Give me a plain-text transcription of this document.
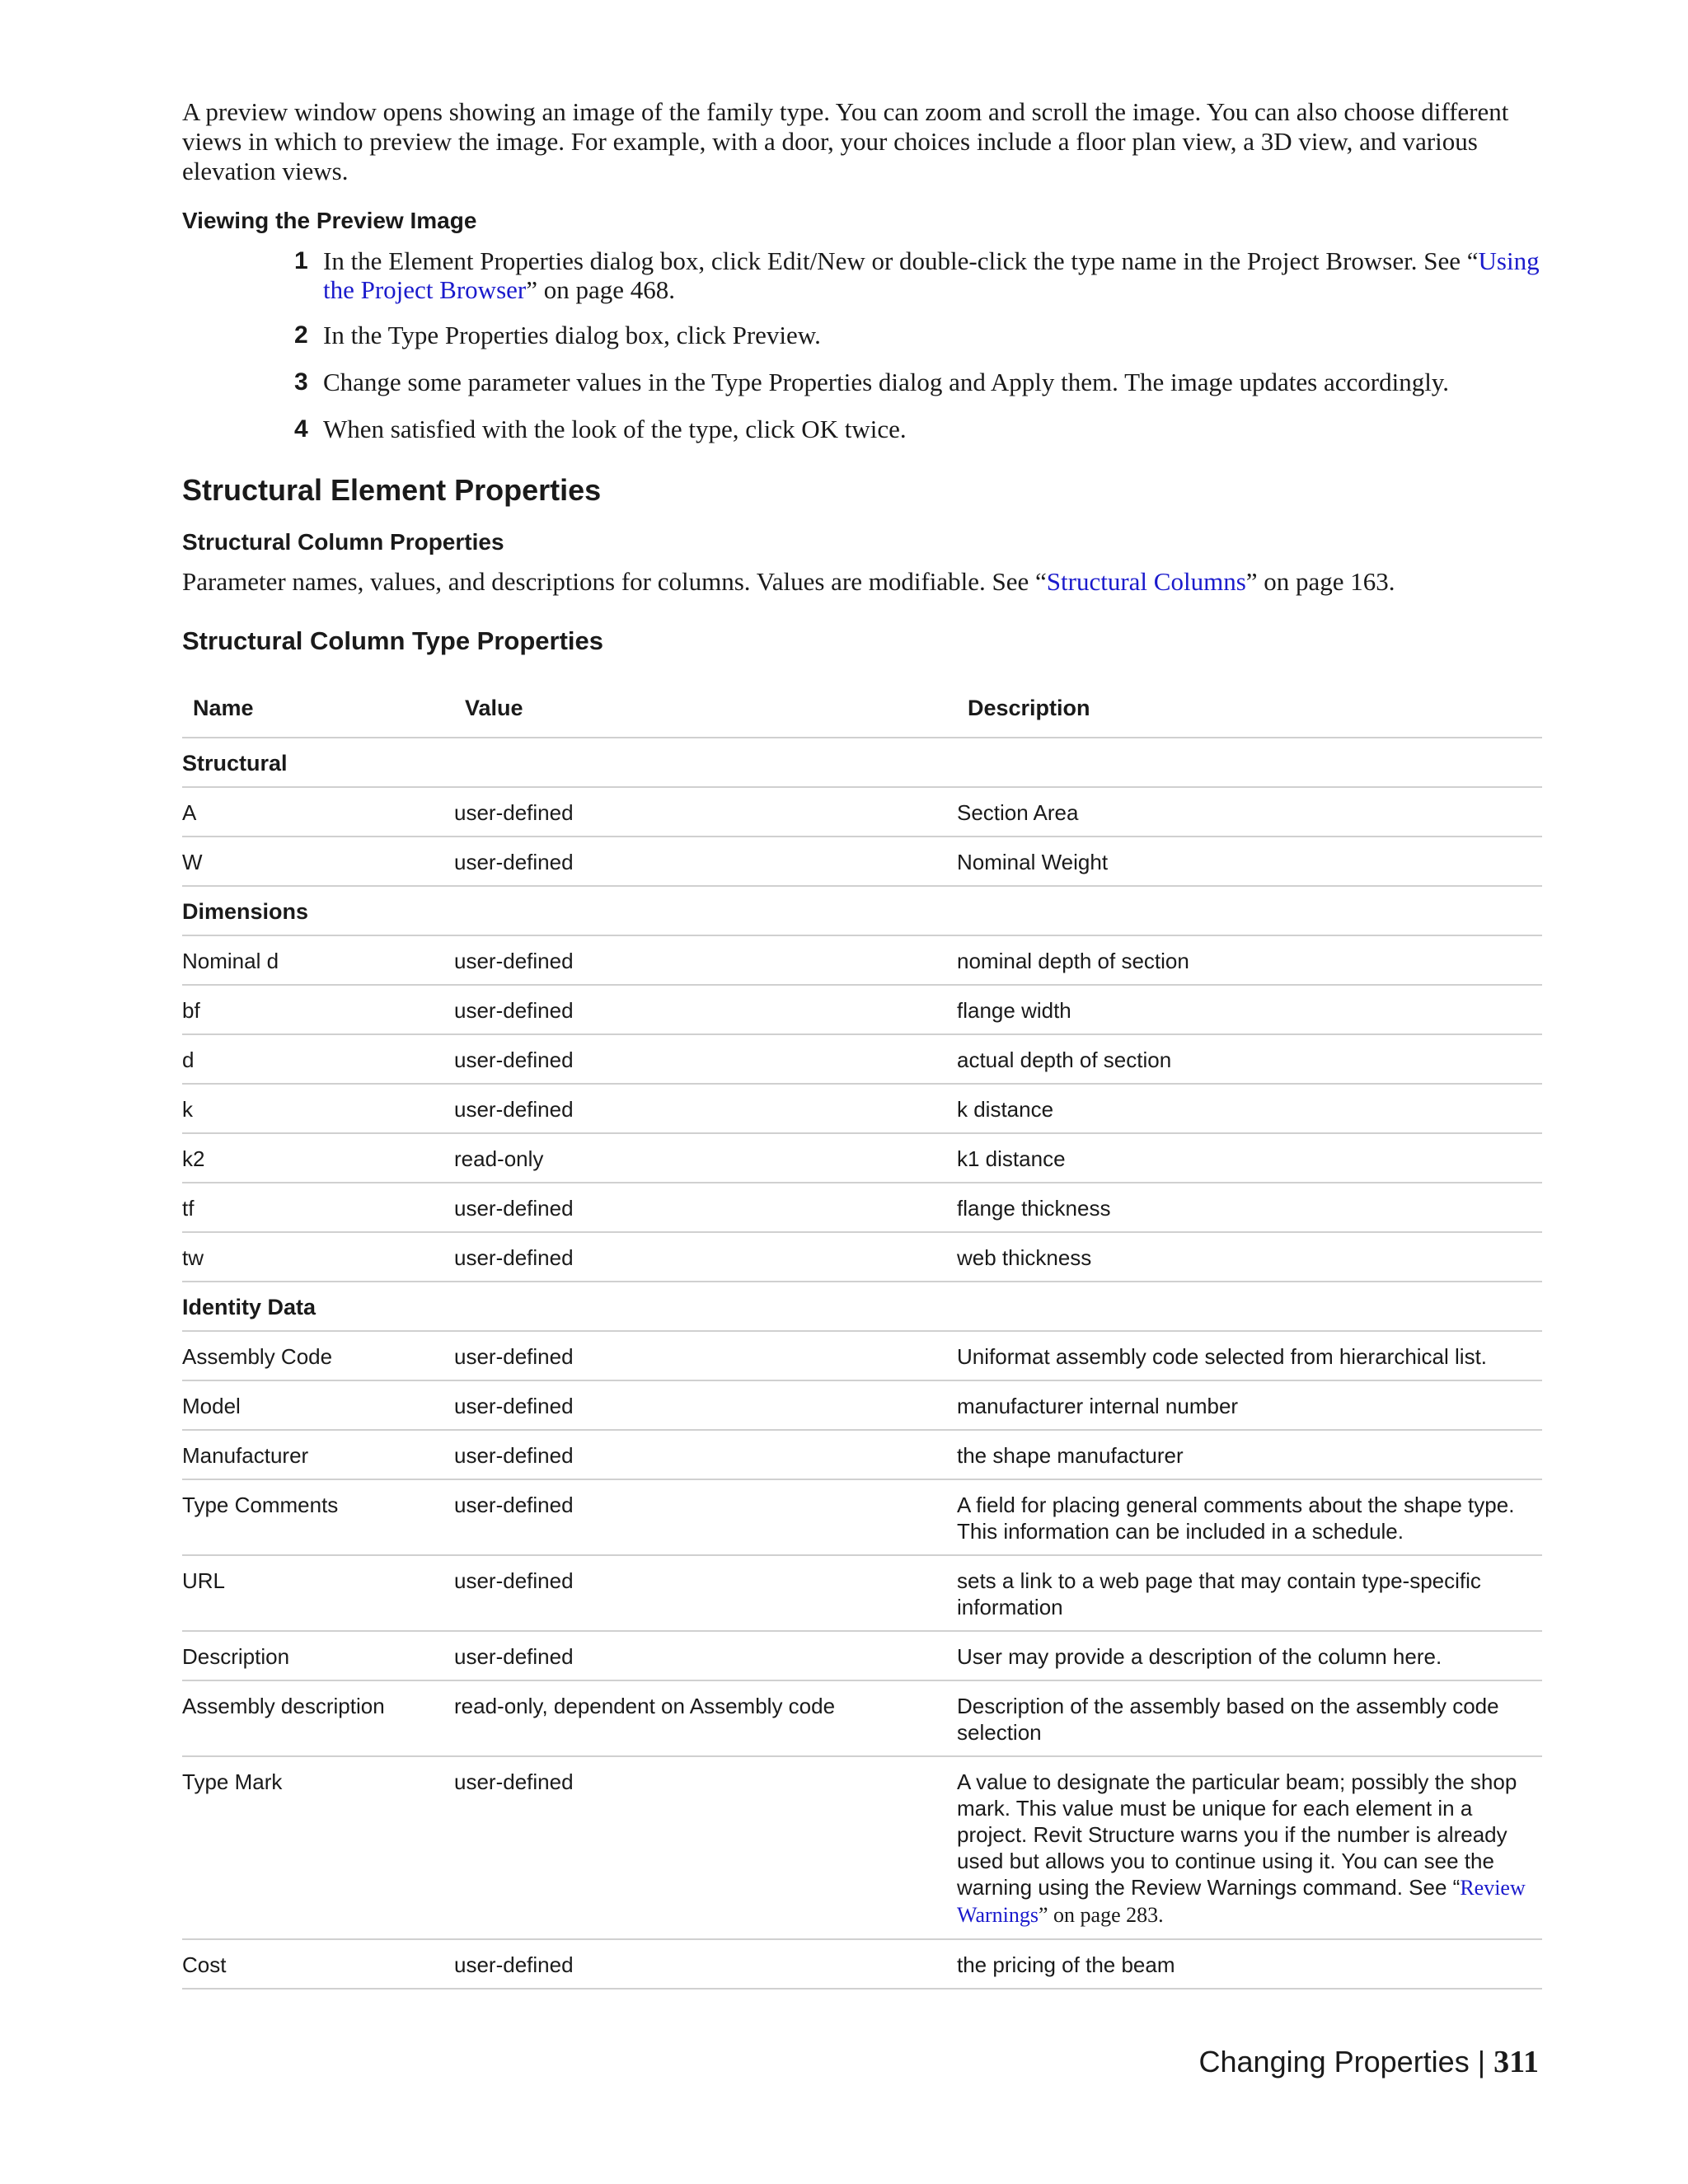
A preview window opens showing an image of the family type. You can zoom and scroll the image. You can also choose different views in which to preview the image. For example, with a door, your choices include a floor plan view, a 3D view, and various elevation views.

Viewing the Preview Image
1 In the Element Properties dialog box, click Edit/New or double-click the type name in the Project Browser. See “Using the Project Browser” on page 468.
2 In the Type Properties dialog box, click Preview.
3 Change some parameter values in the Type Properties dialog and Apply them. The image updates accordingly.
4 When satisfied with the look of the type, click OK twice.
Structural Element Properties
Structural Column Properties

Parameter names, values, and descriptions for columns. Values are modifiable. See “Structural Columns” on page 163.

Structural Column Type Properties
Name	Value	Description
Structural		
A	user-defined	Section Area
W	user-defined	Nominal Weight
Dimensions		
Nominal d	user-defined	nominal depth of section
bf	user-defined	flange width
d	user-defined	actual depth of section
k	user-defined	k distance
k2	read-only	k1 distance
tf	user-defined	flange thickness
tw	user-defined	web thickness
Identity Data		
Assembly Code	user-defined	Uniformat assembly code selected from hierarchical list.
Model	user-defined	manufacturer internal number
Manufacturer	user-defined	the shape manufacturer
Type Comments	user-defined	A field for placing general comments about the shape type. This information can be included in a schedule.
URL	user-defined	sets a link to a web page that may contain type-specific information
Description	user-defined	User may provide a description of the column here.
Assembly description	read-only, dependent on Assembly code	Description of the assembly based on the assembly code selection
Type Mark	user-defined	A value to designate the particular beam; possibly the shop mark. This value must be unique for each element in a project. Revit Structure warns you if the number is already used but allows you to continue using it. You can see the warning using the Review Warnings command. See “Review Warnings” on page 283.
Cost	user-defined	the pricing of the beam
Changing Properties | 311
